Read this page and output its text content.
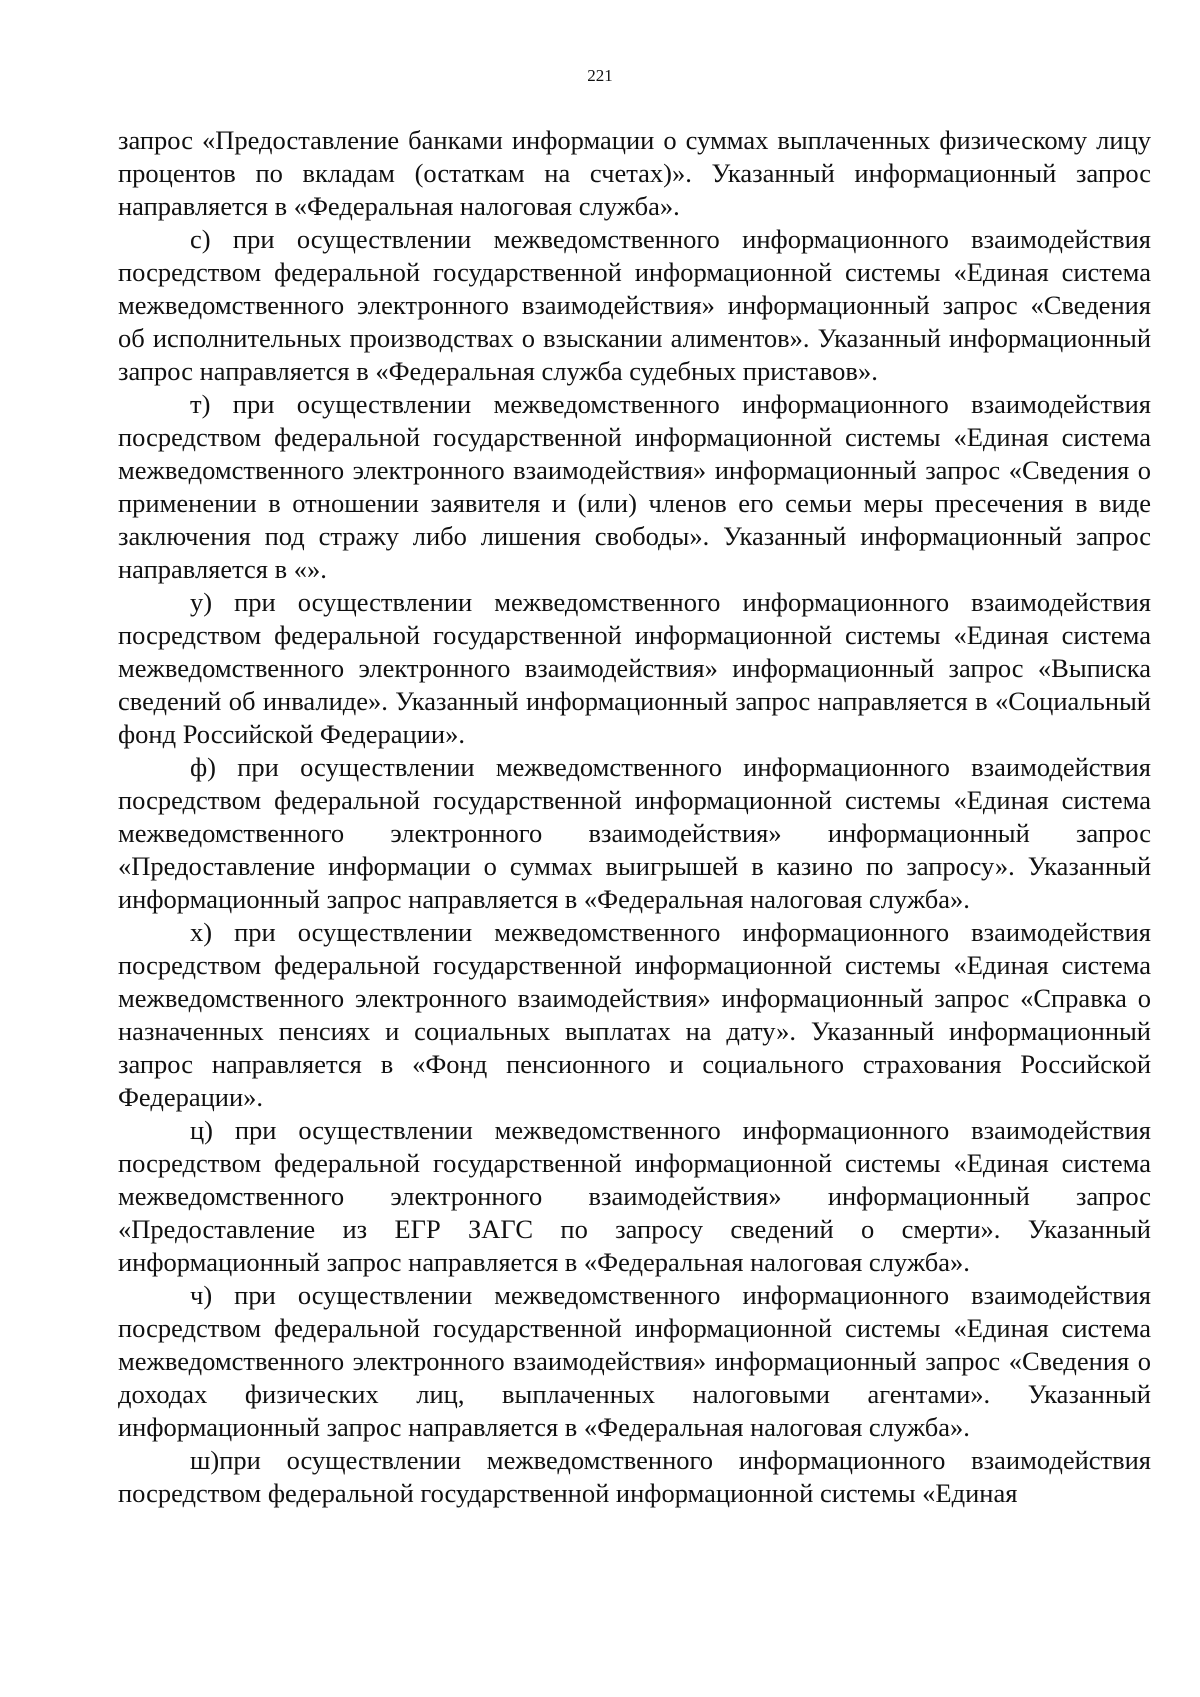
221

запрос «Предоставление банками информации о суммах выплаченных физическому лицу процентов по вкладам (остаткам на счетах)». Указанный информационный запрос направляется в «Федеральная налоговая служба».

с) при осуществлении межведомственного информационного взаимодействия посредством федеральной государственной информационной системы «Единая система межведомственного электронного взаимодействия» информационный запрос «Сведения об исполнительных производствах о взыскании алиментов». Указанный информационный запрос направляется в «Федеральная служба судебных приставов».

т) при осуществлении межведомственного информационного взаимодействия посредством федеральной государственной информационной системы «Единая система межведомственного электронного взаимодействия» информационный запрос «Сведения о применении в отношении заявителя и (или) членов его семьи меры пресечения в виде заключения под стражу либо лишения свободы». Указанный информационный запрос направляется в «».

у) при осуществлении межведомственного информационного взаимодействия посредством федеральной государственной информационной системы «Единая система межведомственного электронного взаимодействия» информационный запрос «Выписка сведений об инвалиде». Указанный информационный запрос направляется в «Социальный фонд Российской Федерации».

ф) при осуществлении межведомственного информационного взаимодействия посредством федеральной государственной информационной системы «Единая система межведомственного электронного взаимодействия» информационный запрос «Предоставление информации о суммах выигрышей в казино по запросу». Указанный информационный запрос направляется в «Федеральная налоговая служба».

х) при осуществлении межведомственного информационного взаимодействия посредством федеральной государственной информационной системы «Единая система межведомственного электронного взаимодействия» информационный запрос «Справка о назначенных пенсиях и социальных выплатах на дату». Указанный информационный запрос направляется в «Фонд пенсионного и социального страхования Российской Федерации».

ц) при осуществлении межведомственного информационного взаимодействия посредством федеральной государственной информационной системы «Единая система межведомственного электронного взаимодействия» информационный запрос «Предоставление из ЕГР ЗАГС по запросу сведений о смерти». Указанный информационный запрос направляется в «Федеральная налоговая служба».

ч) при осуществлении межведомственного информационного взаимодействия посредством федеральной государственной информационной системы «Единая система межведомственного электронного взаимодействия» информационный запрос «Сведения о доходах физических лиц, выплаченных налоговыми агентами». Указанный информационный запрос направляется в «Федеральная налоговая служба».

ш)при осуществлении межведомственного информационного взаимодействия посредством федеральной государственной информационной системы «Единая
